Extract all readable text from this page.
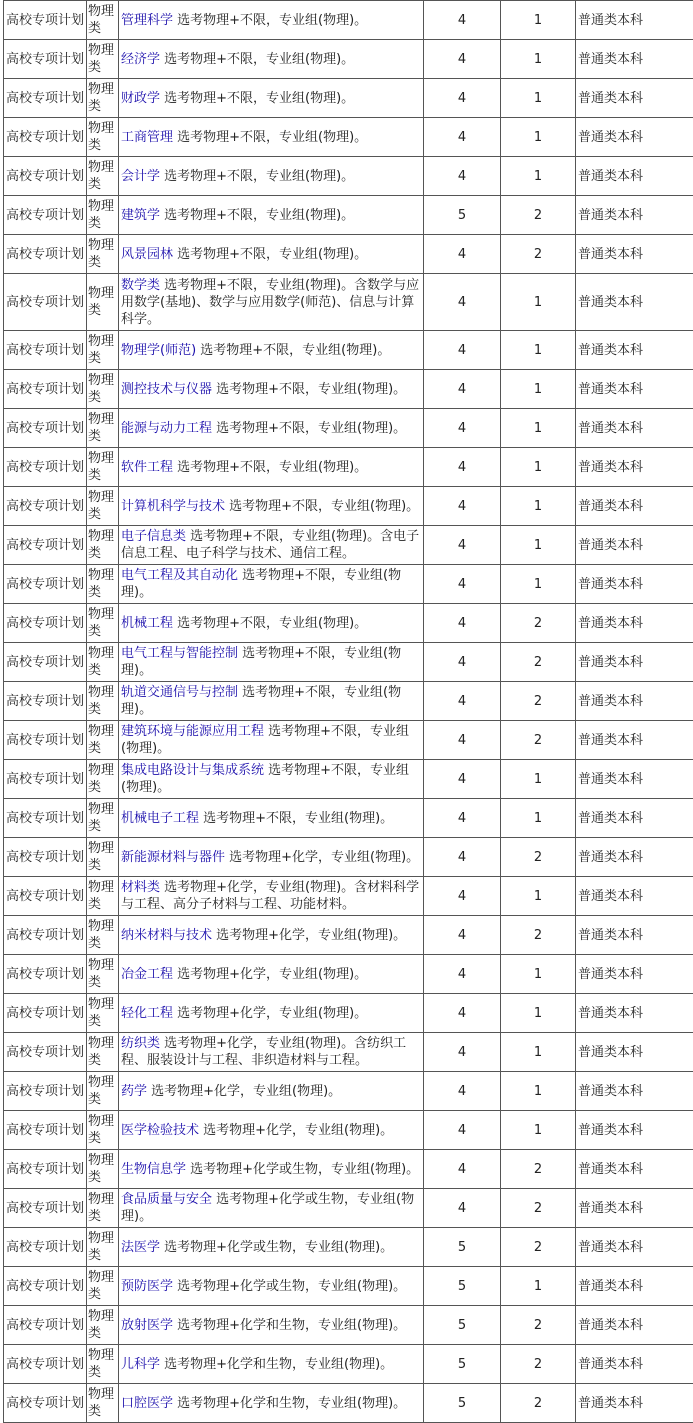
高校专项计划	物理类	管理科学 选考物理+不限，专业组(物理)。	4	1	普通类本科
高校专项计划	物理类	经济学 选考物理+不限，专业组(物理)。	4	1	普通类本科
高校专项计划	物理类	财政学 选考物理+不限，专业组(物理)。	4	1	普通类本科
高校专项计划	物理类	工商管理 选考物理+不限，专业组(物理)。	4	1	普通类本科
高校专项计划	物理类	会计学 选考物理+不限，专业组(物理)。	4	1	普通类本科
高校专项计划	物理类	建筑学 选考物理+不限，专业组(物理)。	5	2	普通类本科
高校专项计划	物理类	风景园林 选考物理+不限，专业组(物理)。	4	2	普通类本科
高校专项计划	物理类	数学类 选考物理+不限，专业组(物理)。含数学与应用数学(基地)、数学与应用数学(师范)、信息与计算科学。	4	1	普通类本科
高校专项计划	物理类	物理学(师范) 选考物理+不限，专业组(物理)。	4	1	普通类本科
高校专项计划	物理类	测控技术与仪器 选考物理+不限，专业组(物理)。	4	1	普通类本科
高校专项计划	物理类	能源与动力工程 选考物理+不限，专业组(物理)。	4	1	普通类本科
高校专项计划	物理类	软件工程 选考物理+不限，专业组(物理)。	4	1	普通类本科
高校专项计划	物理类	计算机科学与技术 选考物理+不限，专业组(物理)。	4	1	普通类本科
高校专项计划	物理类	电子信息类 选考物理+不限，专业组(物理)。含电子信息工程、电子科学与技术、通信工程。	4	1	普通类本科
高校专项计划	物理类	电气工程及其自动化 选考物理+不限，专业组(物理)。	4	1	普通类本科
高校专项计划	物理类	机械工程 选考物理+不限，专业组(物理)。	4	2	普通类本科
高校专项计划	物理类	电气工程与智能控制 选考物理+不限，专业组(物理)。	4	2	普通类本科
高校专项计划	物理类	轨道交通信号与控制 选考物理+不限，专业组(物理)。	4	2	普通类本科
高校专项计划	物理类	建筑环境与能源应用工程 选考物理+不限，专业组(物理)。	4	2	普通类本科
高校专项计划	物理类	集成电路设计与集成系统 选考物理+不限，专业组(物理)。	4	1	普通类本科
高校专项计划	物理类	机械电子工程 选考物理+不限，专业组(物理)。	4	1	普通类本科
高校专项计划	物理类	新能源材料与器件 选考物理+化学，专业组(物理)。	4	2	普通类本科
高校专项计划	物理类	材料类 选考物理+化学，专业组(物理)。含材料科学与工程、高分子材料与工程、功能材料。	4	1	普通类本科
高校专项计划	物理类	纳米材料与技术 选考物理+化学，专业组(物理)。	4	2	普通类本科
高校专项计划	物理类	冶金工程 选考物理+化学，专业组(物理)。	4	1	普通类本科
高校专项计划	物理类	轻化工程 选考物理+化学，专业组(物理)。	4	1	普通类本科
高校专项计划	物理类	纺织类 选考物理+化学，专业组(物理)。含纺织工程、服装设计与工程、非织造材料与工程。	4	1	普通类本科
高校专项计划	物理类	药学 选考物理+化学，专业组(物理)。	4	1	普通类本科
高校专项计划	物理类	医学检验技术 选考物理+化学，专业组(物理)。	4	1	普通类本科
高校专项计划	物理类	生物信息学 选考物理+化学或生物，专业组(物理)。	4	2	普通类本科
高校专项计划	物理类	食品质量与安全 选考物理+化学或生物，专业组(物理)。	4	2	普通类本科
高校专项计划	物理类	法医学 选考物理+化学或生物，专业组(物理)。	5	2	普通类本科
高校专项计划	物理类	预防医学 选考物理+化学或生物，专业组(物理)。	5	1	普通类本科
高校专项计划	物理类	放射医学 选考物理+化学和生物，专业组(物理)。	5	2	普通类本科
高校专项计划	物理类	儿科学 选考物理+化学和生物，专业组(物理)。	5	2	普通类本科
高校专项计划	物理类	口腔医学 选考物理+化学和生物，专业组(物理)。	5	2	普通类本科
